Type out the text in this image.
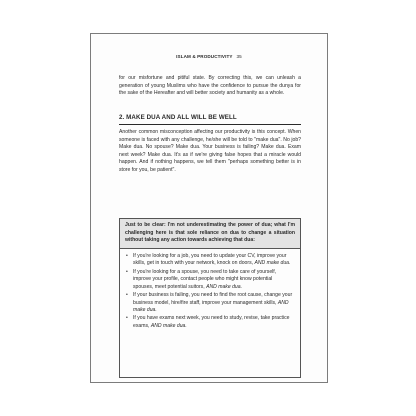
ISLAM & PRODUCTIVITY 35
for our misfortune and pitiful state. By correcting this, we can unleash a generation of young Muslims who have the confidence to pursue the dunya for the sake of the Hereafter and will better society and humanity as a whole.
2. MAKE DUA AND ALL WILL BE WELL
Another common misconception affecting our productivity is this concept. When someone is faced with any challenge, he/she will be told to "make dua". No job? Make dua. No spouse? Make dua. Your business is failing? Make dua. Exam next week? Make dua. It's as if we're giving false hopes that a miracle would happen. And if nothing happens, we tell them "perhaps something better is in store for you, be patient".
Just to be clear: I'm not underestimating the power of dua; what I'm challenging here is that sole reliance on dua to change a situation without taking any action towards achieving that dua:
• If you're looking for a job, you need to update your CV, improve your skills, get in touch with your network, knock on doors, AND make dua.
• If you're looking for a spouse, you need to take care of yourself, improve your profile, contact people who might know potential spouses, meet potential suitors, AND make dua.
• If your business is failing, you need to find the root cause, change your business model, hire/fire staff, improve your management skills, AND make dua.
• If you have exams next week, you need to study, revise, take practice exams, AND make dua.
